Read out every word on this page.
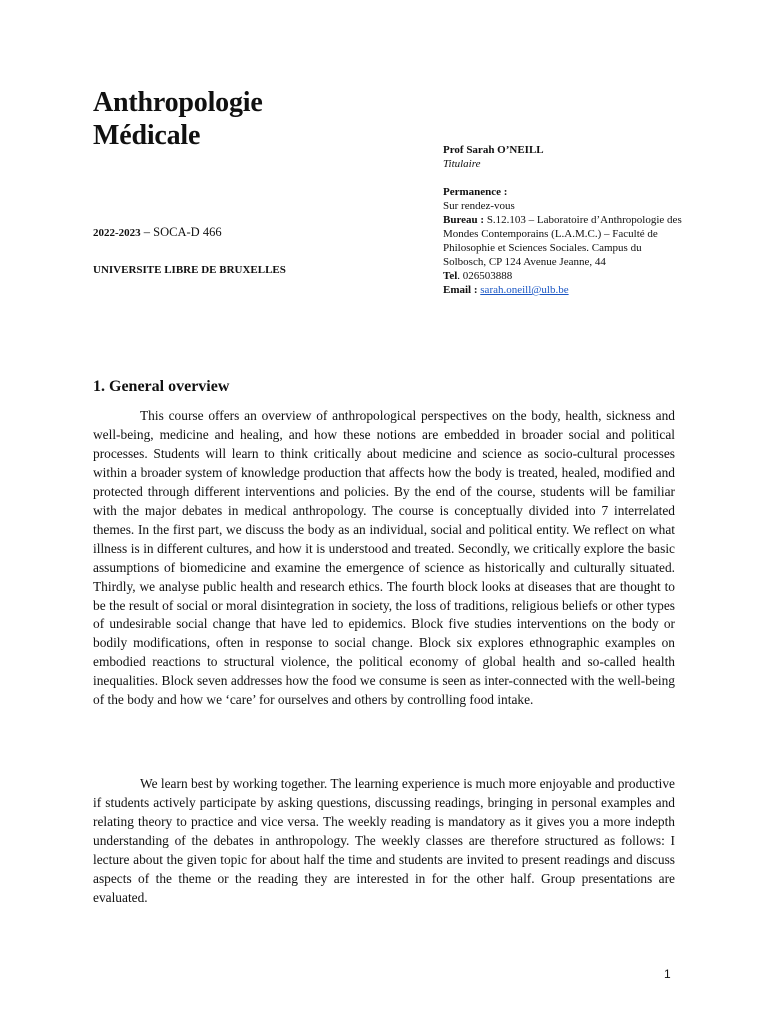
Anthropologie
Médicale
2022-2023 – SOCA-D 466
UNIVERSITE LIBRE DE BRUXELLES
Prof Sarah O’NEILL
Titulaire
Permanence :
Sur rendez-vous
Bureau : S.12.103 – Laboratoire d’Anthropologie des Mondes Contemporains (L.A.M.C.) – Faculté de Philosophie et Sciences Sociales. Campus du Solbosch, CP 124 Avenue Jeanne, 44
Tel. 026503888
Email : sarah.oneill@ulb.be
1. General overview

This course offers an overview of anthropological perspectives on the body, health, sickness and well-being, medicine and healing, and how these notions are embedded in broader social and political processes. Students will learn to think critically about medicine and science as socio-cultural processes within a broader system of knowledge production that affects how the body is treated, healed, modified and protected through different interventions and policies. By the end of the course, students will be familiar with the major debates in medical anthropology. The course is conceptually divided into 7 interrelated themes. In the first part, we discuss the body as an individual, social and political entity. We reflect on what illness is in different cultures, and how it is understood and treated. Secondly, we critically explore the basic assumptions of biomedicine and examine the emergence of science as historically and culturally situated. Thirdly, we analyse public health and research ethics. The fourth block looks at diseases that are thought to be the result of social or moral disintegration in society, the loss of traditions, religious beliefs or other types of undesirable social change that have led to epidemics. Block five studies interventions on the body or bodily modifications, often in response to social change. Block six explores ethnographic examples on embodied reactions to structural violence, the political economy of global health and so-called health inequalities. Block seven addresses how the food we consume is seen as inter-connected with the well-being of the body and how we ‘care’ for ourselves and others by controlling food intake.

We learn best by working together. The learning experience is much more enjoyable and productive if students actively participate by asking questions, discussing readings, bringing in personal examples and relating theory to practice and vice versa. The weekly reading is mandatory as it gives you a more indepth understanding of the debates in anthropology. The weekly classes are therefore structured as follows: I lecture about the given topic for about half the time and students are invited to present readings and discuss aspects of the theme or the reading they are interested in for the other half. Group presentations are evaluated.

1
